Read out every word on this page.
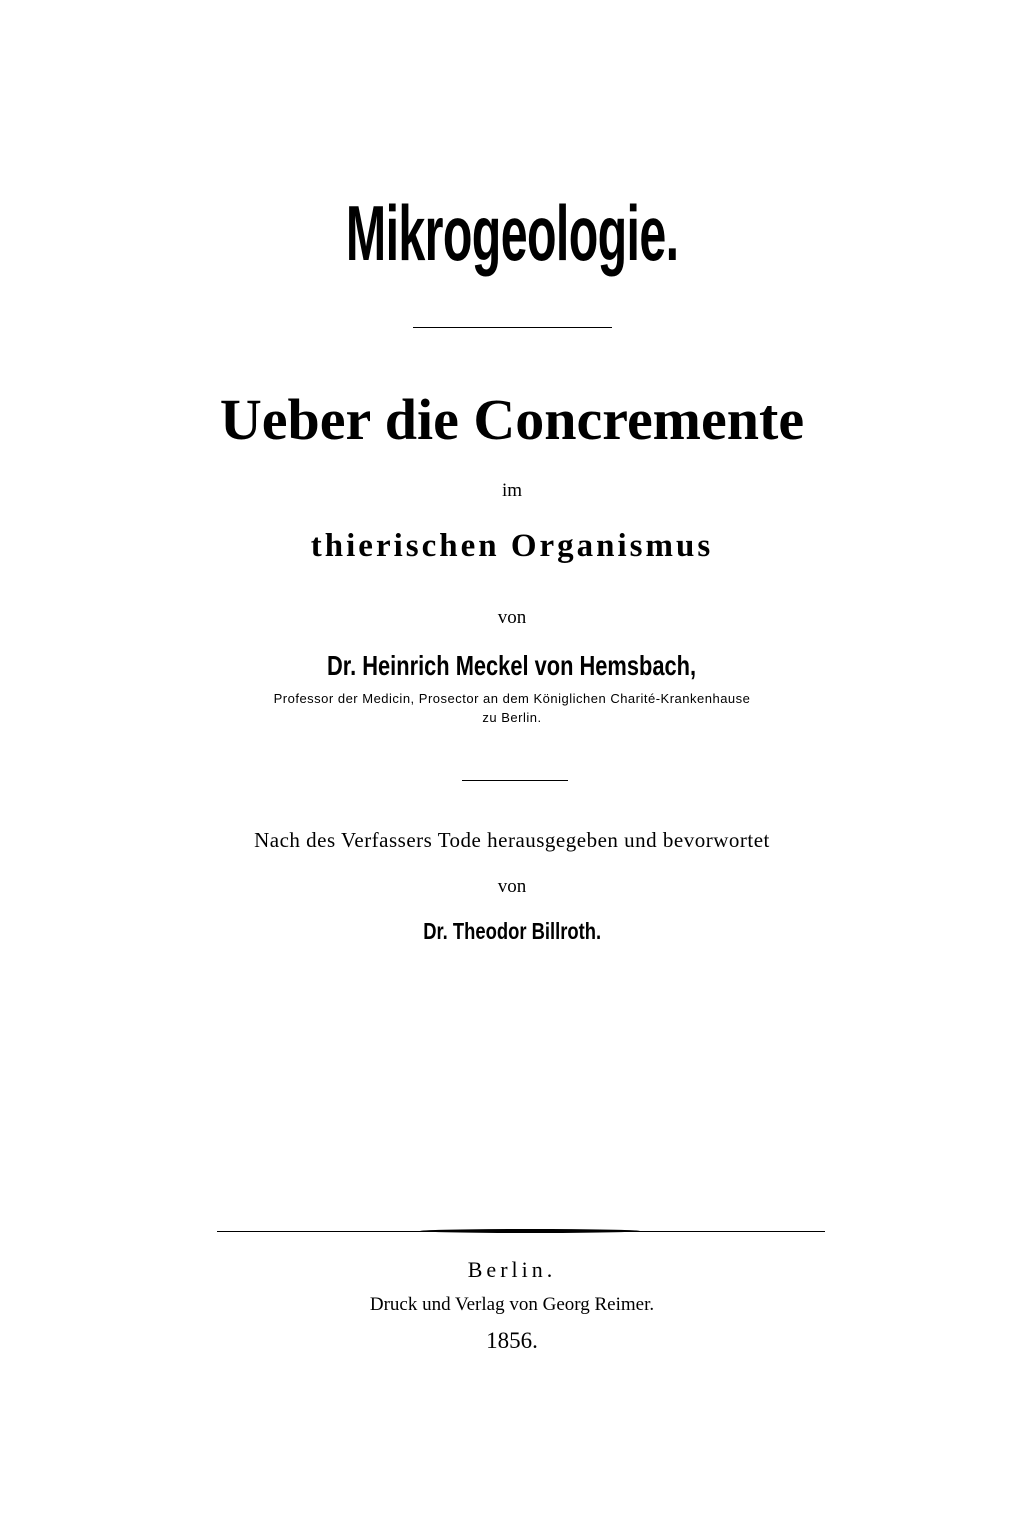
Mikrogeologie.
Ueber die Concremente
im
thierischen Organismus
von
Dr. Heinrich Meckel von Hemsbach,
Professor der Medicin, Prosector an dem Königlichen Charité-Krankenhause
zu Berlin.
Nach des Verfassers Tode herausgegeben und bevorwortet
von
Dr. Theodor Billroth.
Berlin.
Druck und Verlag von Georg Reimer.
1856.
